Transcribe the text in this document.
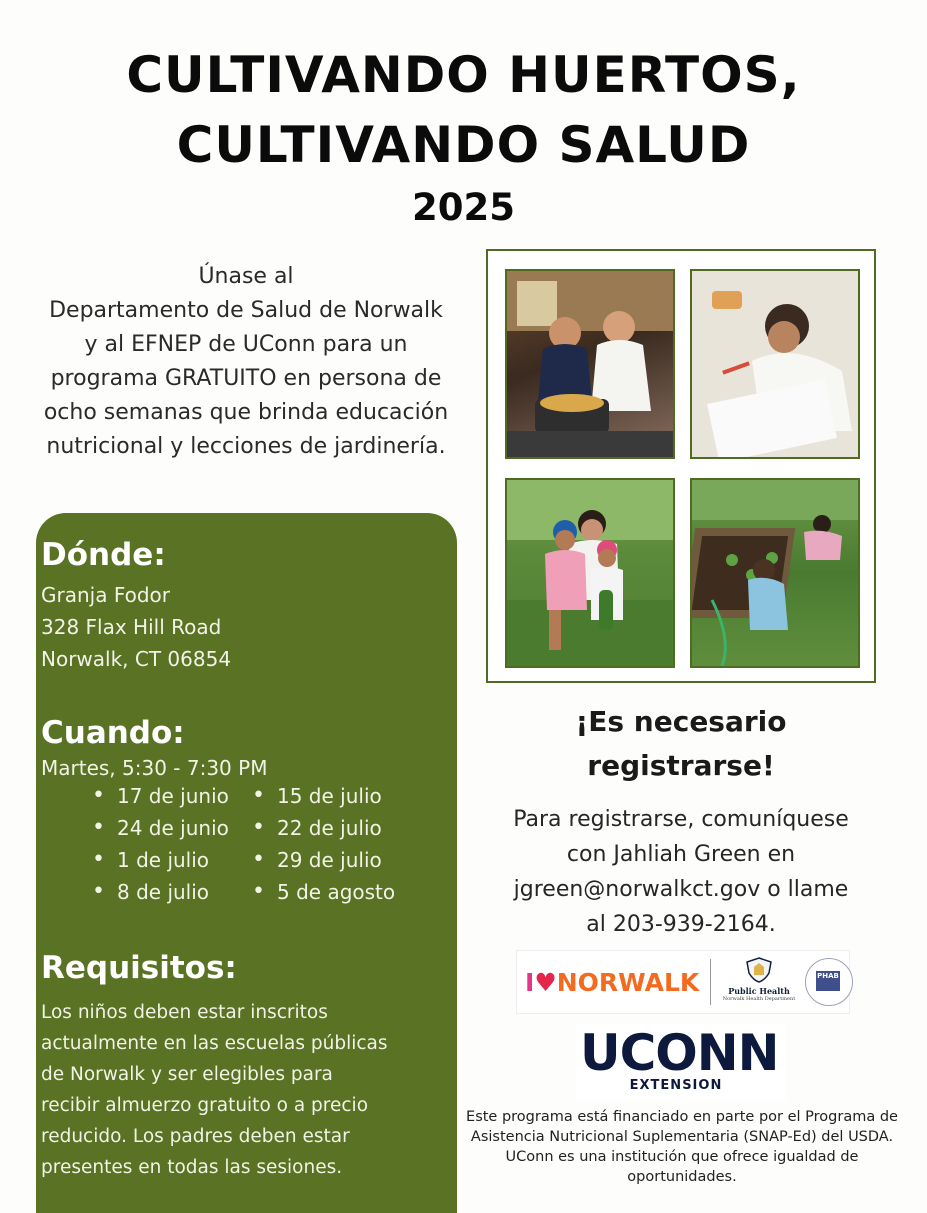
CULTIVANDO HUERTOS,
CULTIVANDO SALUD
2025
Únase al
Departamento de Salud de Norwalk
y al EFNEP de UConn para un
programa GRATUITO en persona de
ocho semanas que brinda educación
nutricional y lecciones de jardinería.
Dónde:
Granja Fodor
328 Flax Hill Road
Norwalk, CT 06854
Cuando:
Martes, 5:30 - 7:30 PM
• 17 de junio
• 24 de junio
• 1 de julio
• 8 de julio
• 15 de julio
• 22 de julio
• 29 de julio
• 5 de agosto
Requisitos:
Los niños deben estar inscritos
actualmente en las escuelas públicas
de Norwalk y ser elegibles para
recibir almuerzo gratuito o a precio
reducido. Los padres deben estar
presentes en todas las sesiones.
¡Es necesario
registrarse!
Para registrarse, comuníquese
con Jahliah Green en
jgreen@norwalkct.gov o llame
al 203-939-2164.
I♥NORWALK	Public Health
Norwalk Health Department
PHAB
UCONN
EXTENSION
Este programa está financiado en parte por el Programa de
Asistencia Nutricional Suplementaria (SNAP-Ed) del USDA.
UConn es una institución que ofrece igualdad de
oportunidades.
